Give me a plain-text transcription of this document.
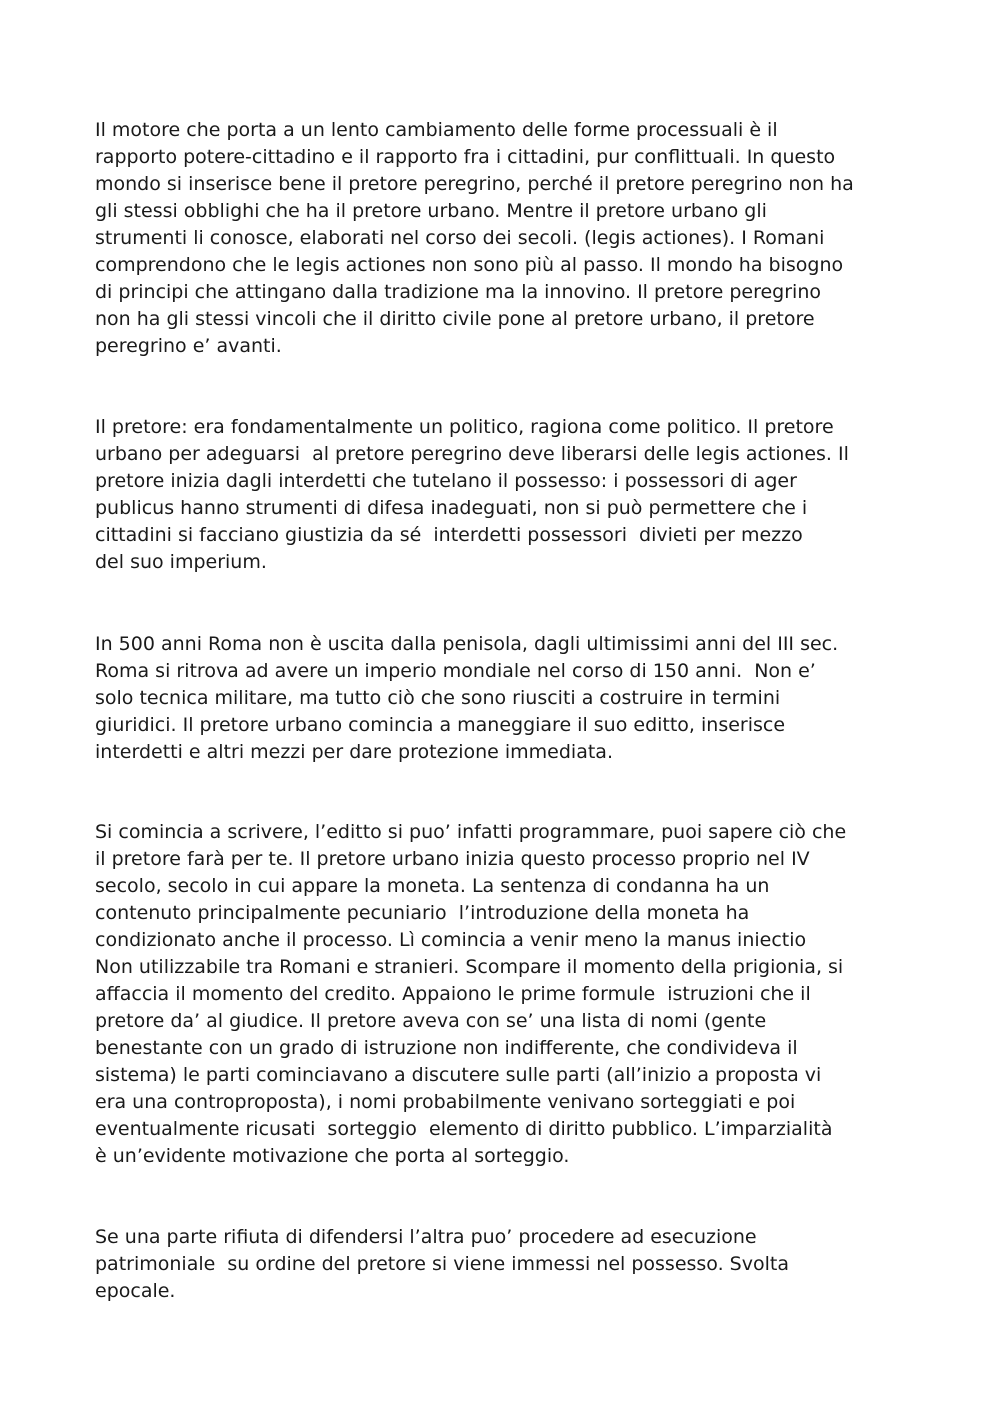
Il motore che porta a un lento cambiamento delle forme processuali è il
rapporto potere-cittadino e il rapporto fra i cittadini, pur conflittuali. In questo
mondo si inserisce bene il pretore peregrino, perché il pretore peregrino non ha
gli stessi obblighi che ha il pretore urbano. Mentre il pretore urbano gli
strumenti li conosce, elaborati nel corso dei secoli. (legis actiones). I Romani
comprendono che le legis actiones non sono più al passo. Il mondo ha bisogno
di principi che attingano dalla tradizione ma la innovino. Il pretore peregrino
non ha gli stessi vincoli che il diritto civile pone al pretore urbano, il pretore
peregrino e’ avanti.

Il pretore: era fondamentalmente un politico, ragiona come politico. Il pretore
urbano per adeguarsi  al pretore peregrino deve liberarsi delle legis actiones. Il
pretore inizia dagli interdetti che tutelano il possesso: i possessori di ager
publicus hanno strumenti di difesa inadeguati, non si può permettere che i
cittadini si facciano giustizia da sé  interdetti possessori  divieti per mezzo
del suo imperium.

In 500 anni Roma non è uscita dalla penisola, dagli ultimissimi anni del III sec.
Roma si ritrova ad avere un imperio mondiale nel corso di 150 anni.  Non e’
solo tecnica militare, ma tutto ciò che sono riusciti a costruire in termini
giuridici. Il pretore urbano comincia a maneggiare il suo editto, inserisce
interdetti e altri mezzi per dare protezione immediata.

Si comincia a scrivere, l’editto si puo’ infatti programmare, puoi sapere ciò che
il pretore farà per te. Il pretore urbano inizia questo processo proprio nel IV
secolo, secolo in cui appare la moneta. La sentenza di condanna ha un
contenuto principalmente pecuniario  l’introduzione della moneta ha
condizionato anche il processo. Lì comincia a venir meno la manus iniectio
Non utilizzabile tra Romani e stranieri. Scompare il momento della prigionia, si
affaccia il momento del credito. Appaiono le prime formule  istruzioni che il
pretore da’ al giudice. Il pretore aveva con se’ una lista di nomi (gente
benestante con un grado di istruzione non indifferente, che condivideva il
sistema) le parti cominciavano a discutere sulle parti (all’inizio a proposta vi
era una controproposta), i nomi probabilmente venivano sorteggiati e poi
eventualmente ricusati  sorteggio  elemento di diritto pubblico. L’imparzialità
è un’evidente motivazione che porta al sorteggio.

Se una parte rifiuta di difendersi l’altra puo’ procedere ad esecuzione
patrimoniale  su ordine del pretore si viene immessi nel possesso. Svolta
epocale.
